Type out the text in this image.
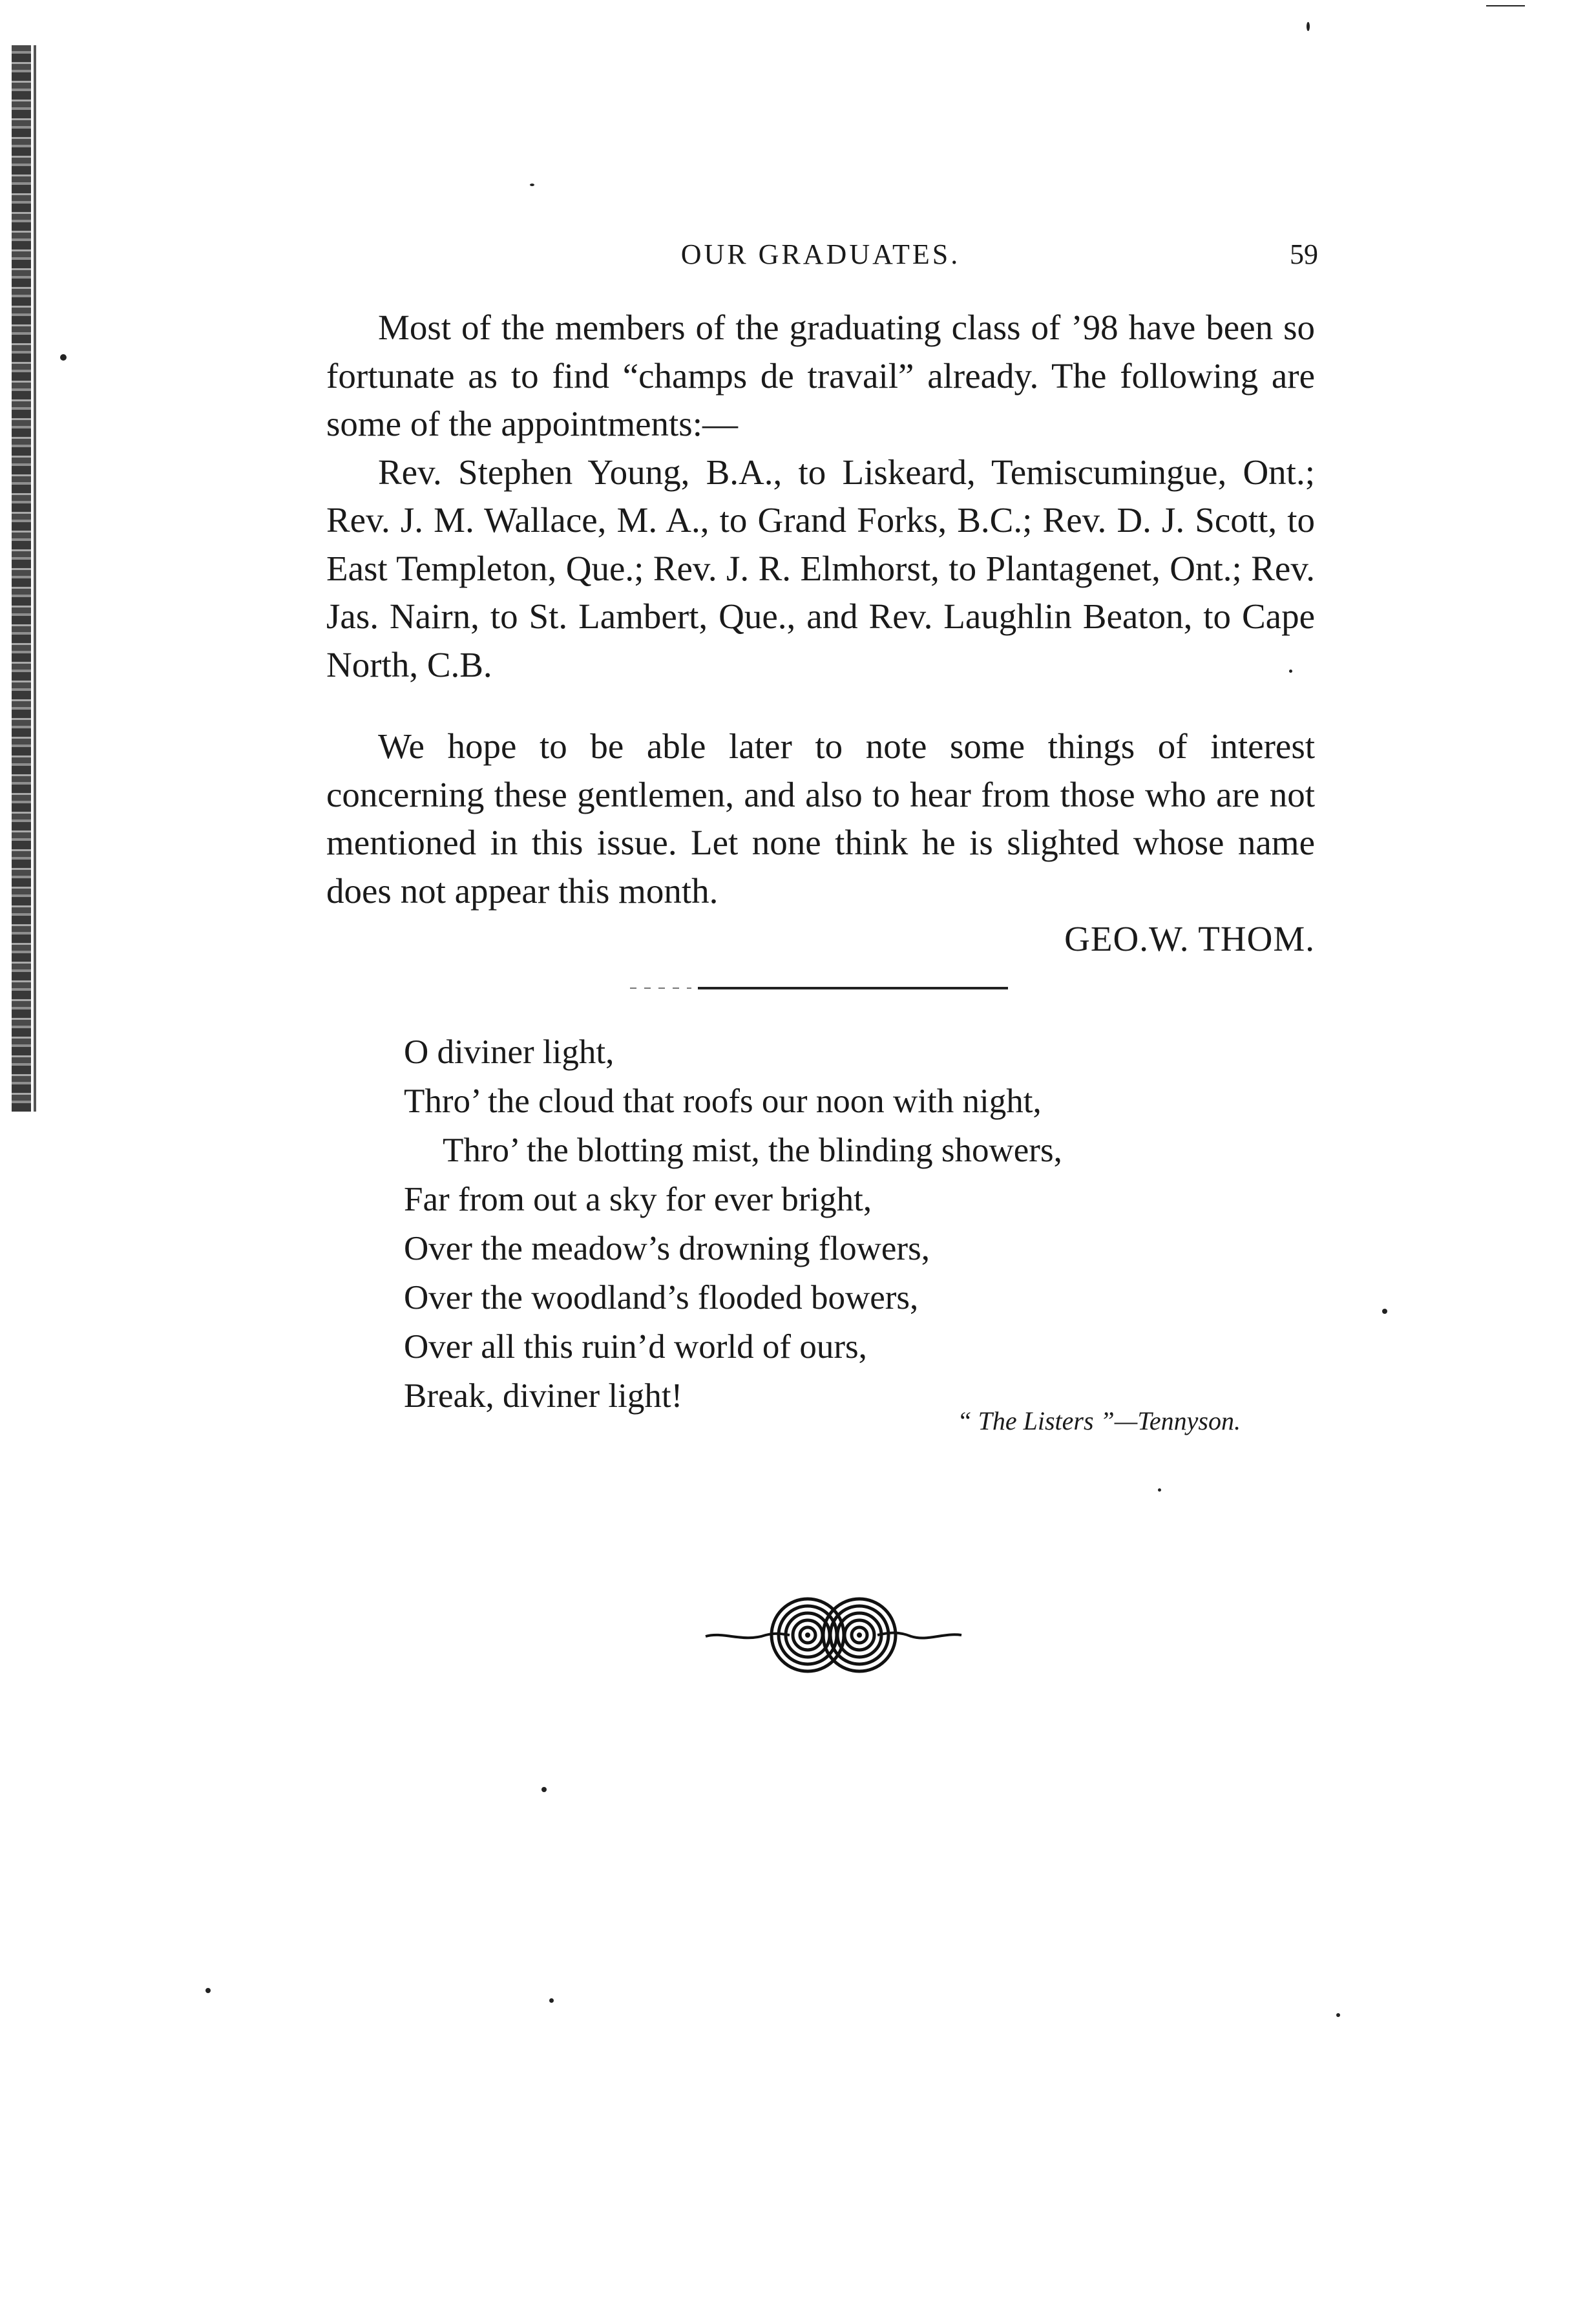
OUR GRADUATES.	59

Most of the members of the graduating class of ’98 have been so fortunate as to find “champs de travail” already. The following are some of the appointments:—

Rev. Stephen Young, B.A., to Liskeard, Temiscumingue, Ont.; Rev. J. M. Wallace, M. A., to Grand Forks, B.C.; Rev. D. J. Scott, to East Templeton, Que.; Rev. J. R. Elmhorst, to Plantagenet, Ont.; Rev. Jas. Nairn, to St. Lambert, Que., and Rev. Laughlin Beaton, to Cape North, C.B.

We hope to be able later to note some things of interest concerning these gentlemen, and also to hear from those who are not mentioned in this issue. Let none think he is slighted whose name does not appear this month.

GEO.W. THOM.

O diviner light,
Thro’ the cloud that roofs our noon with night,
Thro’ the blotting mist, the blinding showers,
Far from out a sky for ever bright,
Over the meadow’s drowning flowers,
Over the woodland’s flooded bowers,
Over all this ruin’d world of ours,
Break, diviner light!
“ The Listers ”—Tennyson.
